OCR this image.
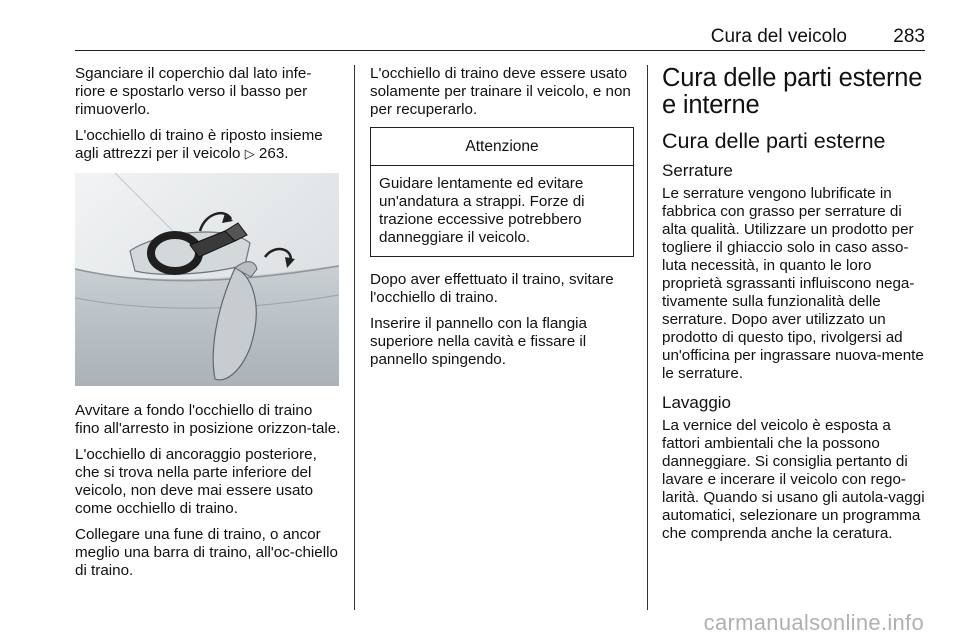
Cura del veicolo 283

Sganciare il coperchio dal lato infe-riore e spostarlo verso il basso per rimuoverlo.

L'occhiello di traino è riposto insieme agli attrezzi per il veicolo ▷ 263.

Avvitare a fondo l'occhiello di traino fino all'arresto in posizione orizzon-tale.

L'occhiello di ancoraggio posteriore, che si trova nella parte inferiore del veicolo, non deve mai essere usato come occhiello di traino.

Collegare una fune di traino, o ancor meglio una barra di traino, all'oc-chiello di traino.

L'occhiello di traino deve essere usato solamente per trainare il veicolo, e non per recuperarlo.

Attenzione
Guidare lentamente ed evitare un'andatura a strappi. Forze di trazione eccessive potrebbero danneggiare il veicolo.

Dopo aver effettuato il traino, svitare l'occhiello di traino.

Inserire il pannello con la flangia superiore nella cavità e fissare il pannello spingendo.

Cura delle parti esterne e interne
Cura delle parti esterne
Serrature

Le serrature vengono lubrificate in fabbrica con grasso per serrature di alta qualità. Utilizzare un prodotto per togliere il ghiaccio solo in caso asso-luta necessità, in quanto le loro proprietà sgrassanti influiscono nega-tivamente sulla funzionalità delle serrature. Dopo aver utilizzato un prodotto di questo tipo, rivolgersi ad un'officina per ingrassare nuova-mente le serrature.

Lavaggio

La vernice del veicolo è esposta a fattori ambientali che la possono danneggiare. Si consiglia pertanto di lavare e incerare il veicolo con rego-larità. Quando si usano gli autola-vaggi automatici, selezionare un programma che comprenda anche la ceratura.

carmanualsonline.info
